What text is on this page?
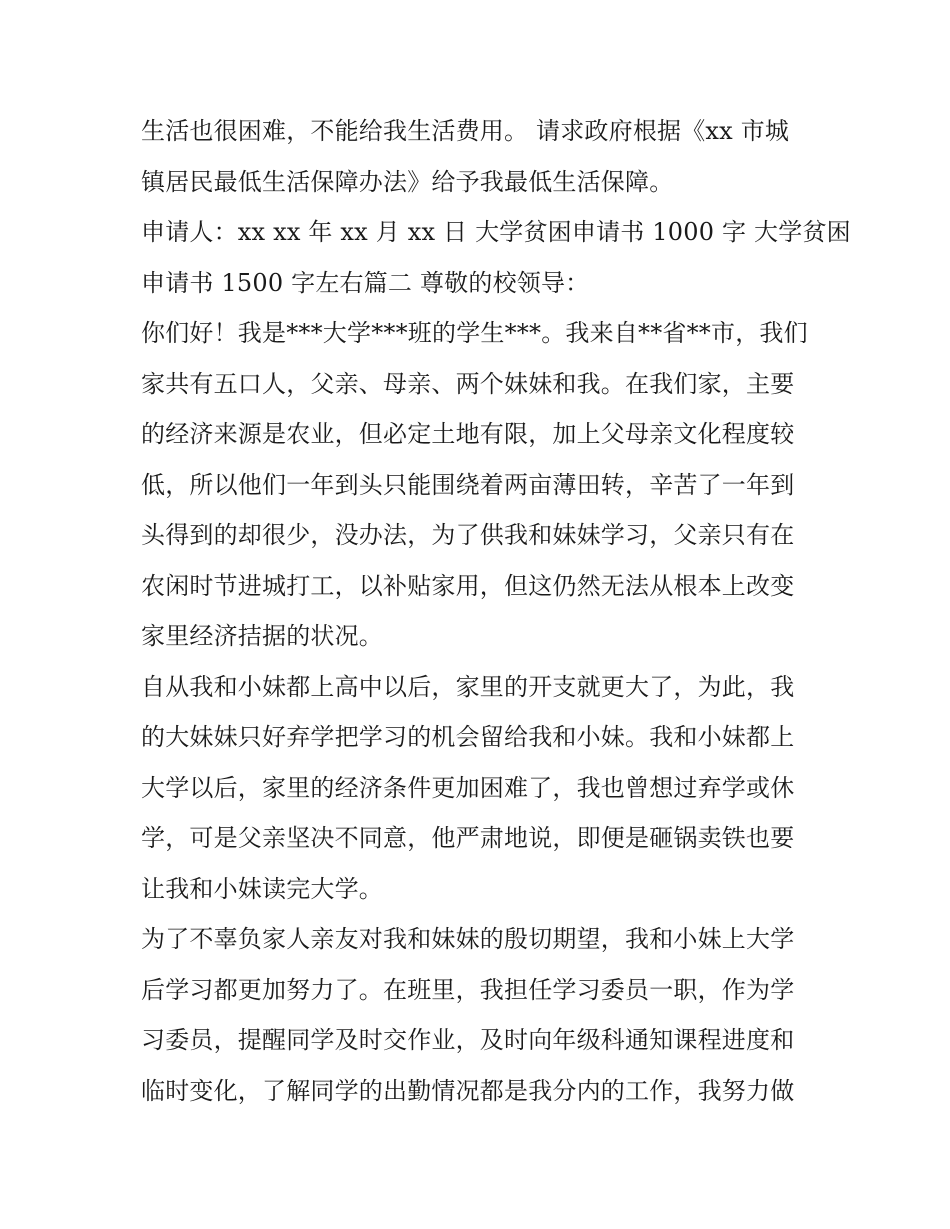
生活也很困难，不能给我生活费用。 请求政府根据《xx 市城
镇居民最低生活保障办法》给予我最低生活保障。

申请人：xx xx 年 xx 月 xx 日 大学贫困申请书 1000 字 大学贫困
申请书 1500 字左右篇二 尊敬的校领导：

你们好！我是***大学***班的学生***。我来自**省**市，我们
家共有五口人，父亲、母亲、两个妹妹和我。在我们家，主要
的经济来源是农业，但必定土地有限，加上父母亲文化程度较
低，所以他们一年到头只能围绕着两亩薄田转，辛苦了一年到
头得到的却很少，没办法，为了供我和妹妹学习，父亲只有在
农闲时节进城打工，以补贴家用，但这仍然无法从根本上改变
家里经济拮据的状况。

自从我和小妹都上高中以后，家里的开支就更大了，为此，我
的大妹妹只好弃学把学习的机会留给我和小妹。我和小妹都上
大学以后，家里的经济条件更加困难了，我也曾想过弃学或休
学，可是父亲坚决不同意，他严肃地说，即便是砸锅卖铁也要
让我和小妹读完大学。

为了不辜负家人亲友对我和妹妹的殷切期望，我和小妹上大学
后学习都更加努力了。在班里，我担任学习委员一职，作为学
习委员，提醒同学及时交作业，及时向年级科通知课程进度和
临时变化，了解同学的出勤情况都是我分内的工作，我努力做
